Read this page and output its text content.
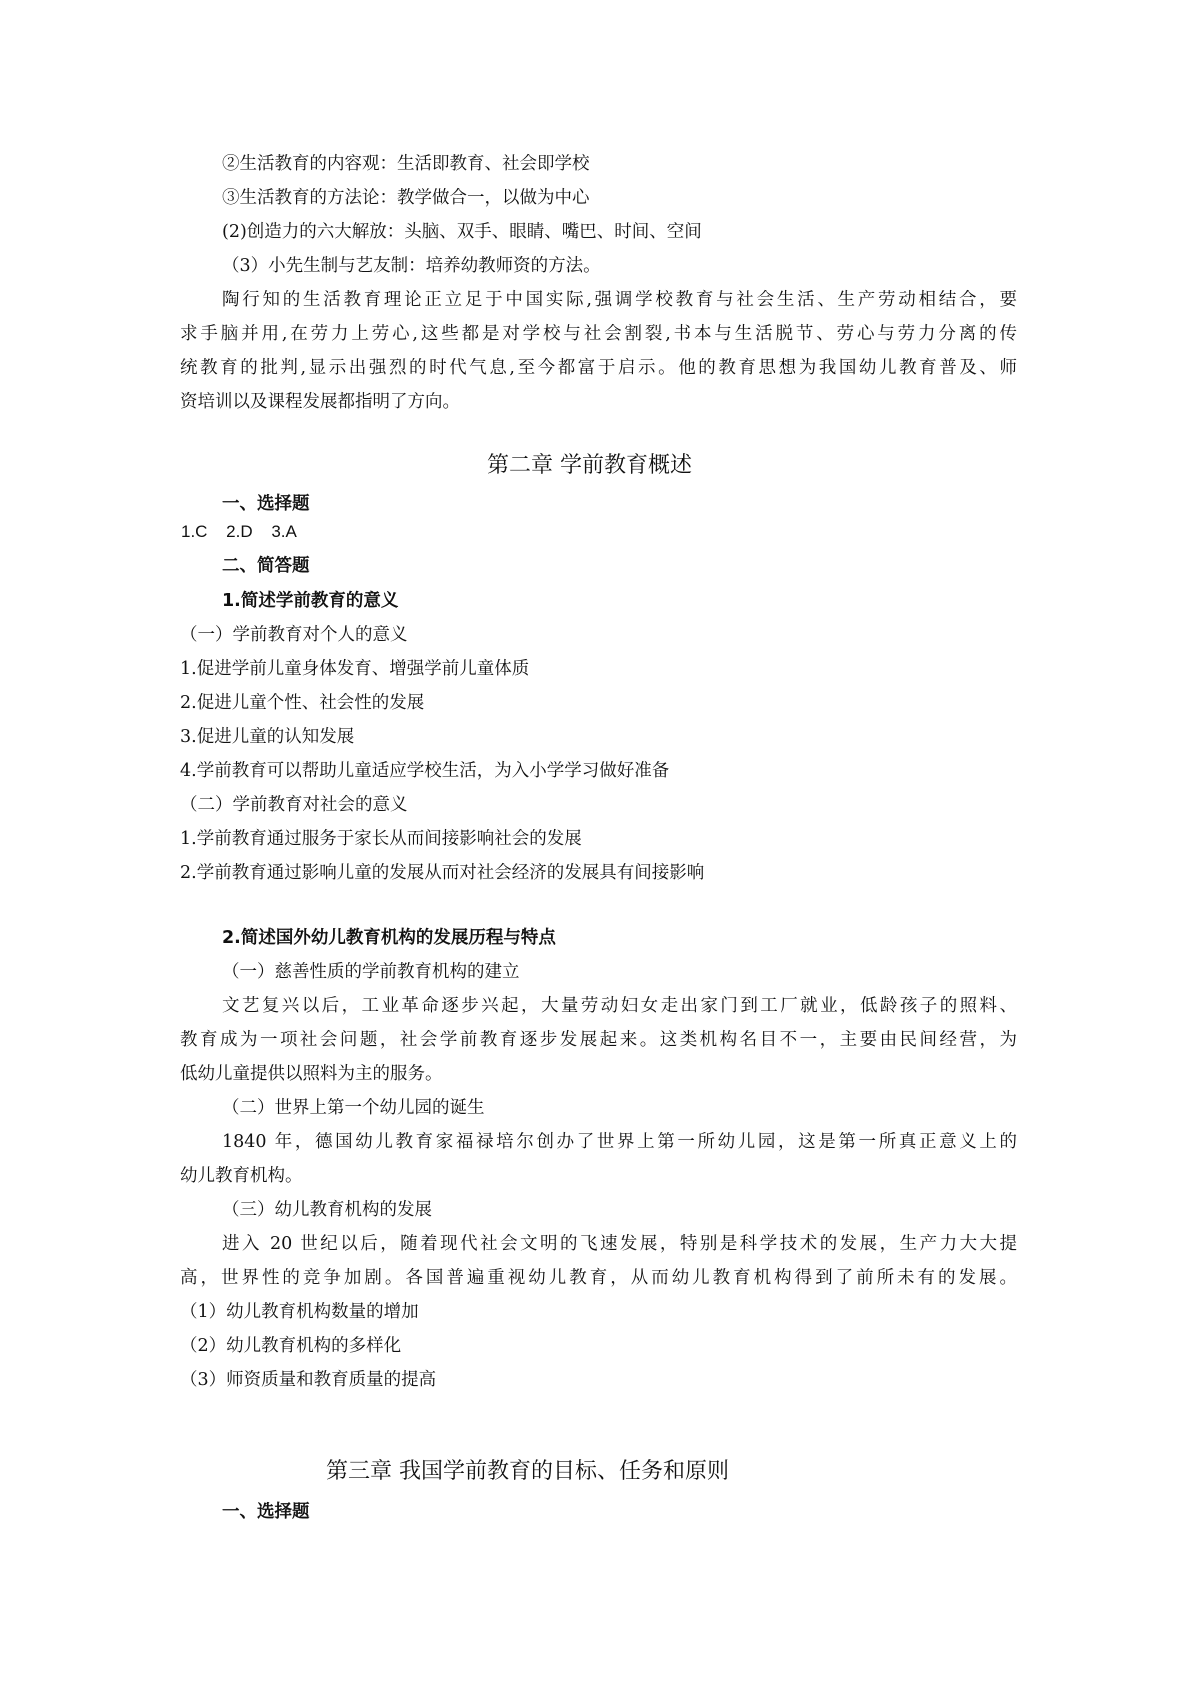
②生活教育的内容观：生活即教育、社会即学校
③生活教育的方法论：教学做合一，以做为中心
(2)创造力的六大解放：头脑、双手、眼睛、嘴巴、时间、空间
（3）小先生制与艺友制：培养幼教师资的方法。
陶行知的生活教育理论正立足于中国实际,强调学校教育与社会生活、生产劳动相结合，要
求手脑并用,在劳力上劳心,这些都是对学校与社会割裂,书本与生活脱节、劳心与劳力分离的传
统教育的批判,显示出强烈的时代气息,至今都富于启示。他的教育思想为我国幼儿教育普及、师
资培训以及课程发展都指明了方向。
第二章 学前教育概述
一、选择题
1.C 2.D 3.A
二、简答题
1.简述学前教育的意义
（一）学前教育对个人的意义
1.促进学前儿童身体发育、增强学前儿童体质
2.促进儿童个性、社会性的发展
3.促进儿童的认知发展
4.学前教育可以帮助儿童适应学校生活，为入小学学习做好准备
（二）学前教育对社会的意义
1.学前教育通过服务于家长从而间接影响社会的发展
2.学前教育通过影响儿童的发展从而对社会经济的发展具有间接影响
2.简述国外幼儿教育机构的发展历程与特点
（一）慈善性质的学前教育机构的建立
文艺复兴以后，工业革命逐步兴起，大量劳动妇女走出家门到工厂就业，低龄孩子的照料、
教育成为一项社会问题，社会学前教育逐步发展起来。这类机构名目不一，主要由民间经营，为
低幼儿童提供以照料为主的服务。
（二）世界上第一个幼儿园的诞生
1840 年，德国幼儿教育家福禄培尔创办了世界上第一所幼儿园，这是第一所真正意义上的
幼儿教育机构。
（三）幼儿教育机构的发展
进入 20 世纪以后，随着现代社会文明的飞速发展，特别是科学技术的发展，生产力大大提
高，世界性的竞争加剧。各国普遍重视幼儿教育，从而幼儿教育机构得到了前所未有的发展。
（1）幼儿教育机构数量的增加
（2）幼儿教育机构的多样化
（3）师资质量和教育质量的提高
第三章 我国学前教育的目标、任务和原则
一、选择题
